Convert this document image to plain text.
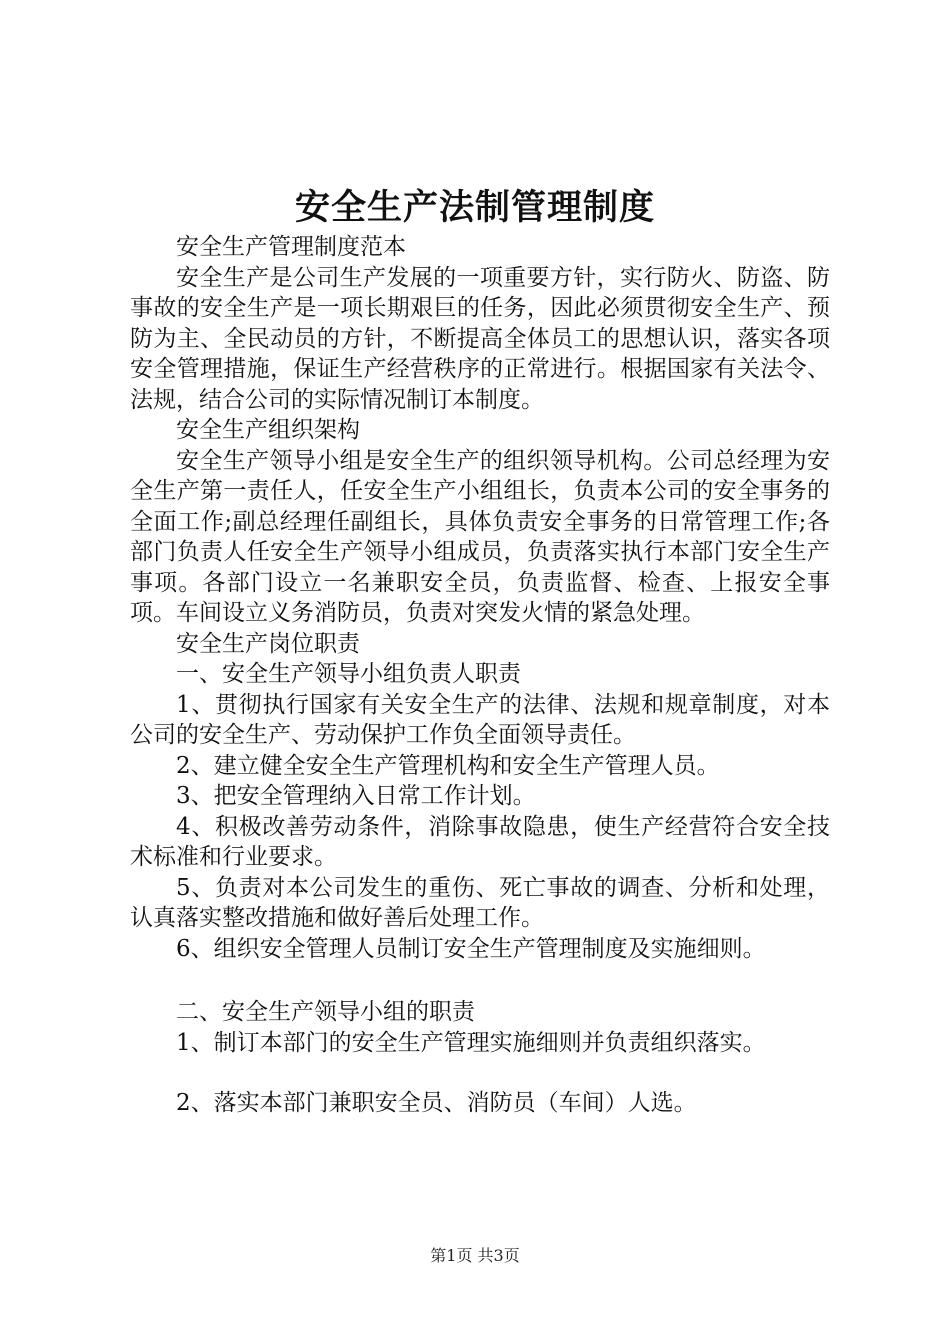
安全生产法制管理制度

安全生产管理制度范本

安全生产是公司生产发展的一项重要方针，实行防火、防盗、防事故的安全生产是一项长期艰巨的任务，因此必须贯彻安全生产、预防为主、全民动员的方针，不断提高全体员工的思想认识，落实各项安全管理措施，保证生产经营秩序的正常进行。根据国家有关法令、法规，结合公司的实际情况制订本制度。

安全生产组织架构

安全生产领导小组是安全生产的组织领导机构。公司总经理为安全生产第一责任人，任安全生产小组组长，负责本公司的安全事务的全面工作;副总经理任副组长，具体负责安全事务的日常管理工作;各部门负责人任安全生产领导小组成员，负责落实执行本部门安全生产事项。各部门设立一名兼职安全员，负责监督、检查、上报安全事项。车间设立义务消防员，负责对突发火情的紧急处理。

安全生产岗位职责

一、安全生产领导小组负责人职责

1、贯彻执行国家有关安全生产的法律、法规和规章制度，对本公司的安全生产、劳动保护工作负全面领导责任。

2、建立健全安全生产管理机构和安全生产管理人员。

3、把安全管理纳入日常工作计划。

4、积极改善劳动条件，消除事故隐患，使生产经营符合安全技术标准和行业要求。

5、负责对本公司发生的重伤、死亡事故的调查、分析和处理，认真落实整改措施和做好善后处理工作。

6、组织安全管理人员制订安全生产管理制度及实施细则。

二、安全生产领导小组的职责

1、制订本部门的安全生产管理实施细则并负责组织落实。

2、落实本部门兼职安全员、消防员（车间）人选。

第1页 共3页
